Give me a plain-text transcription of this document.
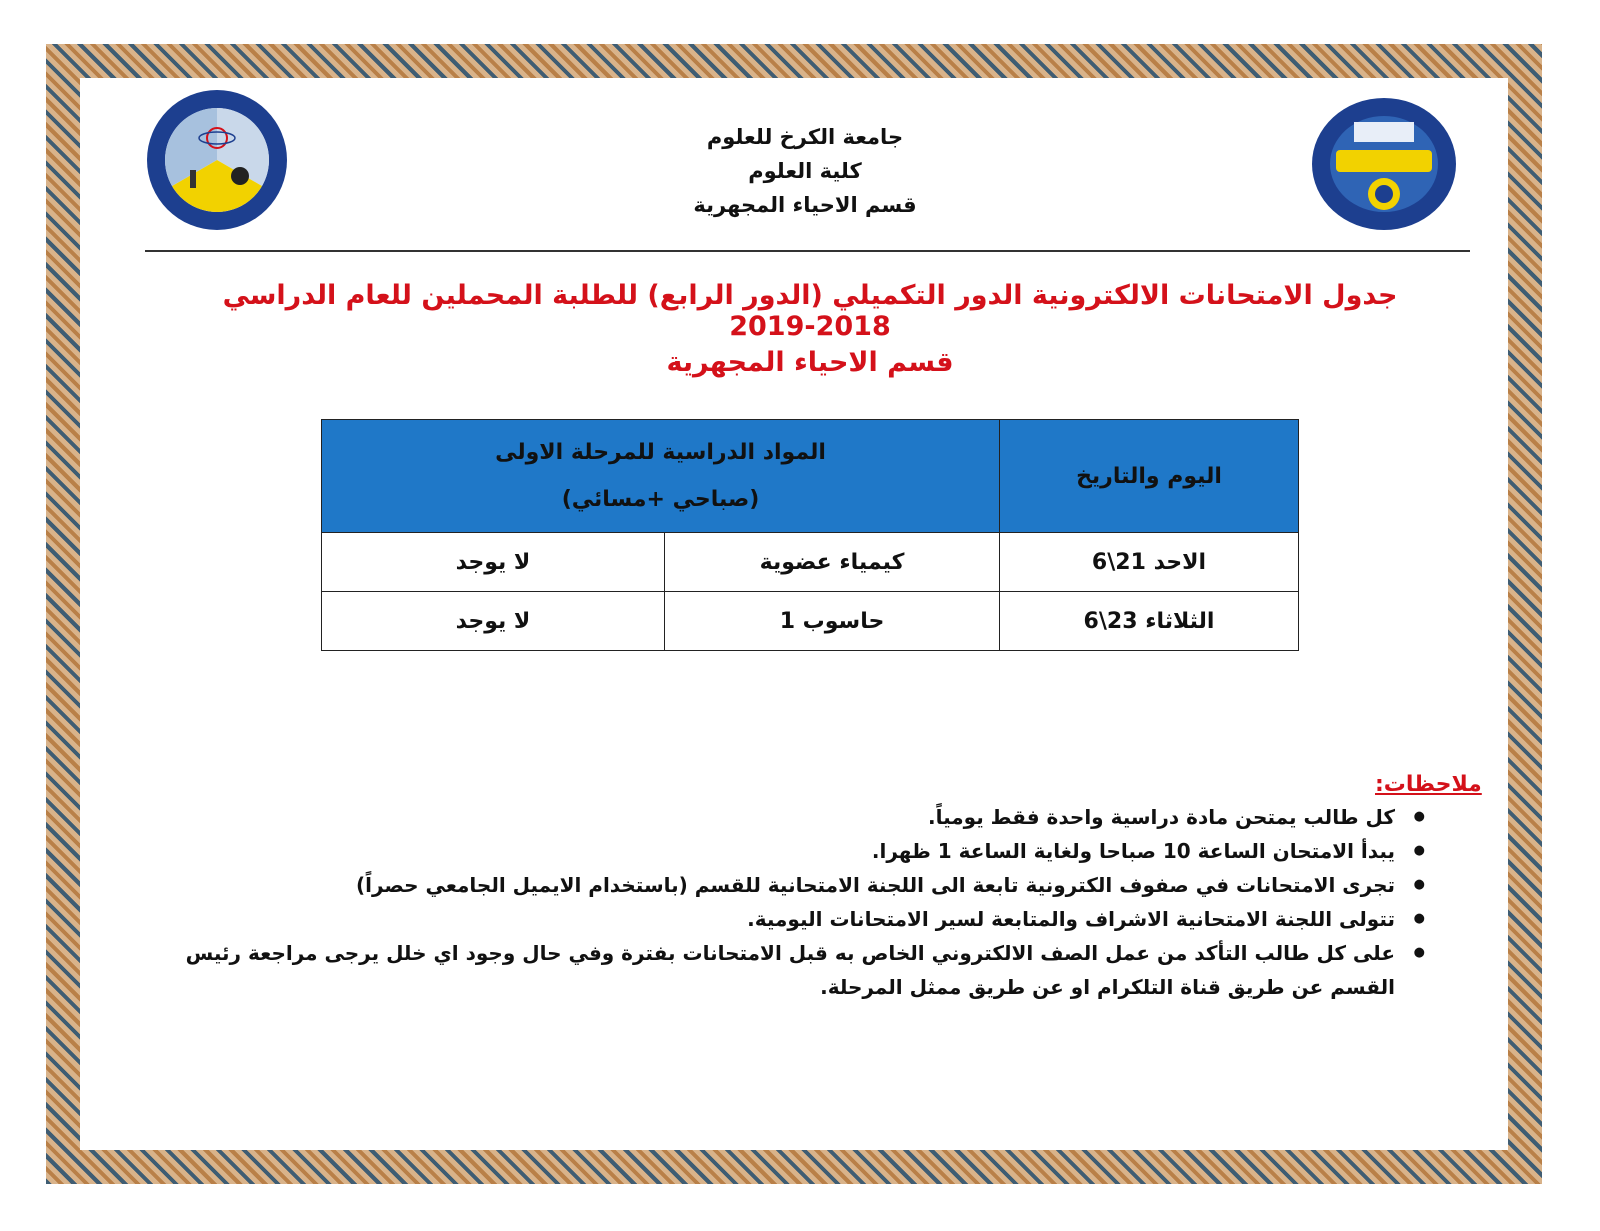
جامعة الكرخ للعلوم
كلية العلوم
قسم الاحياء المجهرية
جدول الامتحانات الالكترونية الدور التكميلي (الدور الرابع) للطلبة المحملين للعام الدراسي 2018-2019
قسم الاحياء المجهرية
اليوم والتاريخ	المواد الدراسية للمرحلة الاولى
(صباحي +مسائي)	

الاحد 21\6	كيمياء عضوية	لا يوجد
الثلاثاء 23\6	حاسوب 1	لا يوجد
ملاحظات:
● كل طالب يمتحن مادة دراسية واحدة فقط يومياً.
● يبدأ الامتحان الساعة 10 صباحا ولغاية الساعة 1 ظهرا.
● تجرى الامتحانات في صفوف الكترونية تابعة الى اللجنة الامتحانية للقسم (باستخدام الايميل الجامعي حصراً)
● تتولى اللجنة الامتحانية الاشراف والمتابعة لسير الامتحانات اليومية.
● على كل طالب التأكد من عمل الصف الالكتروني الخاص به قبل الامتحانات بفترة وفي حال وجود اي خلل يرجى مراجعة رئيس القسم عن طريق قناة التلكرام او عن طريق ممثل المرحلة.
